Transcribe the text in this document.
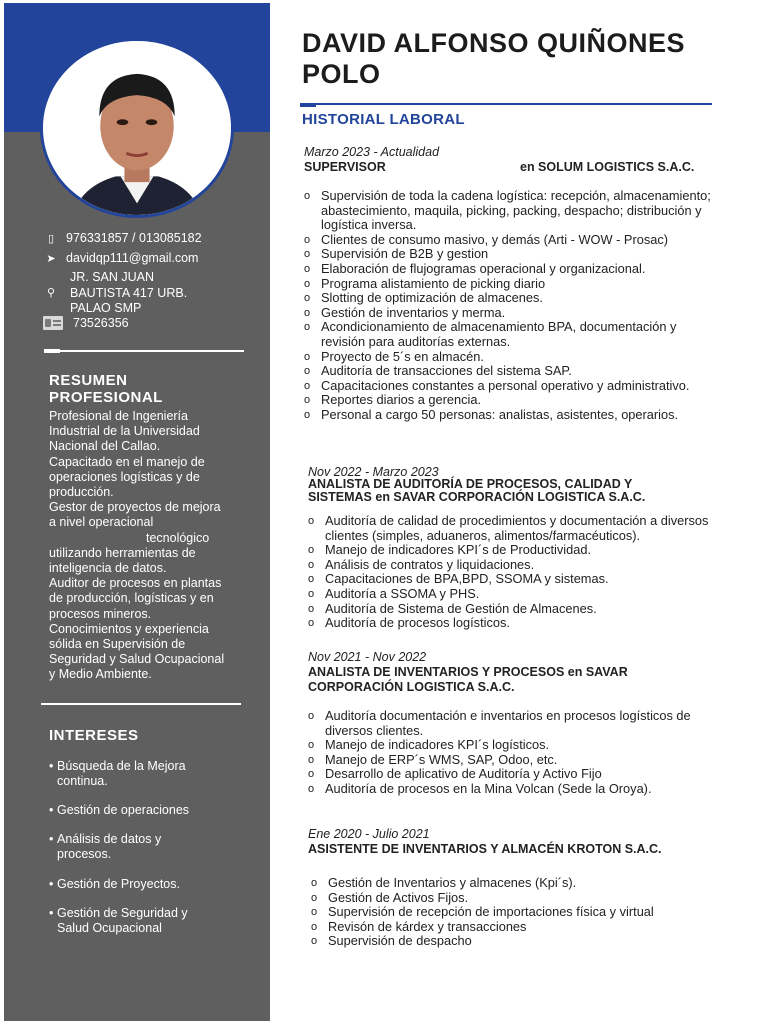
▯ 976331857 / 013085182
➤ davidqp111@gmail.com
⚲
JR. SAN JUAN
BAUTISTA 417 URB.
PALAO SMP
73526356
RESUMEN
PROFESIONAL
Profesional de Ingeniería
Industrial de la Universidad
Nacional del Callao.
Capacitado en el manejo de
operaciones logísticas y de
producción.
Gestor de proyectos de mejora
a nivel operacional
tecnológico
utilizando herramientas de
inteligencia de datos.
Auditor de procesos en plantas
de producción, logísticas y en
procesos mineros.
Conocimientos y experiencia
sólida en Supervisión de
Seguridad y Salud Ocupacional
y Medio Ambiente.
INTERESES
• Búsqueda de la Mejora continua.
• Gestión de operaciones
• Análisis de datos y procesos.
• Gestión de Proyectos.
• Gestión de Seguridad y Salud Ocupacional
DAVID ALFONSO QUIÑONES
POLO
HISTORIAL LABORAL
Marzo 2023 - Actualidad
SUPERVISOR	en SOLUM LOGISTICS S.A.C.
o Supervisión de toda la cadena logística: recepción, almacenamiento; abastecimiento, maquila, picking, packing, despacho; distribución y logística inversa.
o Clientes de consumo masivo, y demás (Arti - WOW - Prosac)
o Supervisión de B2B y gestion
o Elaboración de flujogramas operacional y organizacional.
o Programa alistamiento de picking diario
o Slotting de optimización de almacenes.
o Gestión de inventarios y merma.
o Acondicionamiento de almacenamiento BPA, documentación y revisión para auditorías externas.
o Proyecto de 5´s en almacén.
o Auditoría de transacciones del sistema SAP.
o Capacitaciones constantes a personal operativo y administrativo.
o Reportes diarios a gerencia.
o Personal a cargo 50 personas: analistas, asistentes, operarios.
Nov 2022 - Marzo 2023
ANALISTA DE AUDITORÍA DE PROCESOS, CALIDAD Y
SISTEMAS en SAVAR CORPORACIÓN LOGISTICA S.A.C.
o Auditoría de calidad de procedimientos y documentación a diversos clientes (simples, aduaneros, alimentos/farmacéuticos).
o Manejo de indicadores KPI´s de Productividad.
o Análisis de contratos y liquidaciones.
o Capacitaciones de BPA,BPD, SSOMA y sistemas.
o Auditoría a SSOMA y PHS.
o Auditoría de Sistema de Gestión de Almacenes.
o Auditoría de procesos logísticos.
Nov 2021 - Nov 2022
ANALISTA DE INVENTARIOS Y PROCESOS en SAVAR
CORPORACIÓN LOGISTICA S.A.C.
o Auditoría documentación e inventarios en procesos logísticos de diversos clientes.
o Manejo de indicadores KPI´s logísticos.
o Manejo de ERP´s WMS, SAP, Odoo, etc.
o Desarrollo de aplicativo de Auditoría y Activo Fijo
o Auditoría de procesos en la Mina Volcan (Sede la Oroya).
Ene 2020 - Julio 2021
ASISTENTE DE INVENTARIOS Y ALMACÉN KROTON S.A.C.
o Gestión de Inventarios y almacenes (Kpi´s).
o Gestión de Activos Fijos.
o Supervisión de recepción de importaciones física y virtual
o Revisón de kárdex y transacciones
o Supervisión de despacho
